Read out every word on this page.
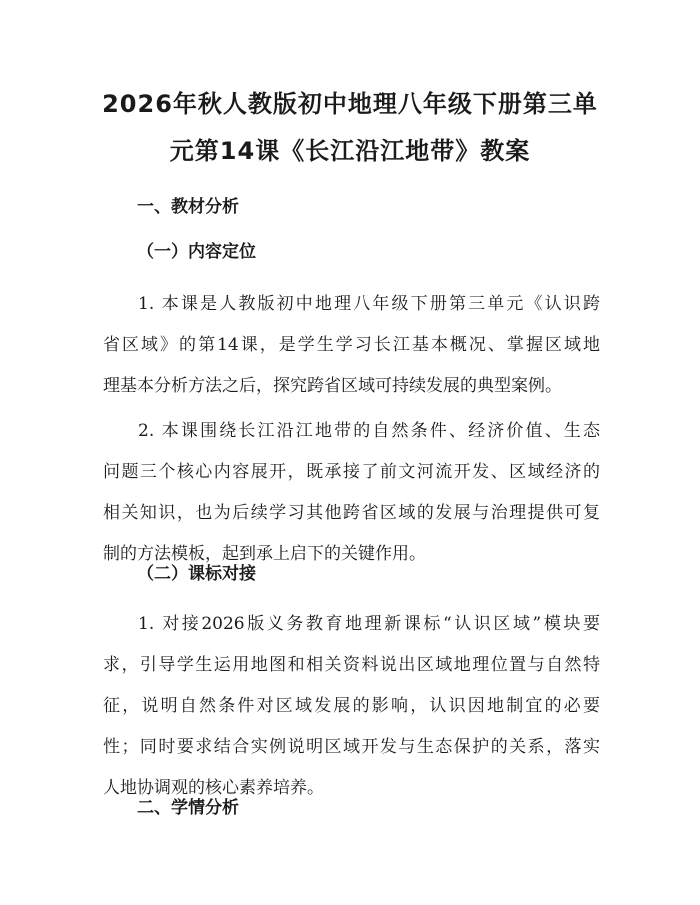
2026年秋人教版初中地理八年级下册第三单
元第14课《长江沿江地带》教案
一、教材分析
（一）内容定位

1. 本课是人教版初中地理八年级下册第三单元《认识跨
省区域》的第14课，是学生学习长江基本概况、掌握区域地
理基本分析方法之后，探究跨省区域可持续发展的典型案例。

2. 本课围绕长江沿江地带的自然条件、经济价值、生态
问题三个核心内容展开，既承接了前文河流开发、区域经济的
相关知识，也为后续学习其他跨省区域的发展与治理提供可复
制的方法模板，起到承上启下的关键作用。

（二）课标对接

1. 对接2026版义务教育地理新课标“认识区域”模块要
求，引导学生运用地图和相关资料说出区域地理位置与自然特
征，说明自然条件对区域发展的影响，认识因地制宜的必要
性；同时要求结合实例说明区域开发与生态保护的关系，落实
人地协调观的核心素养培养。

二、学情分析
